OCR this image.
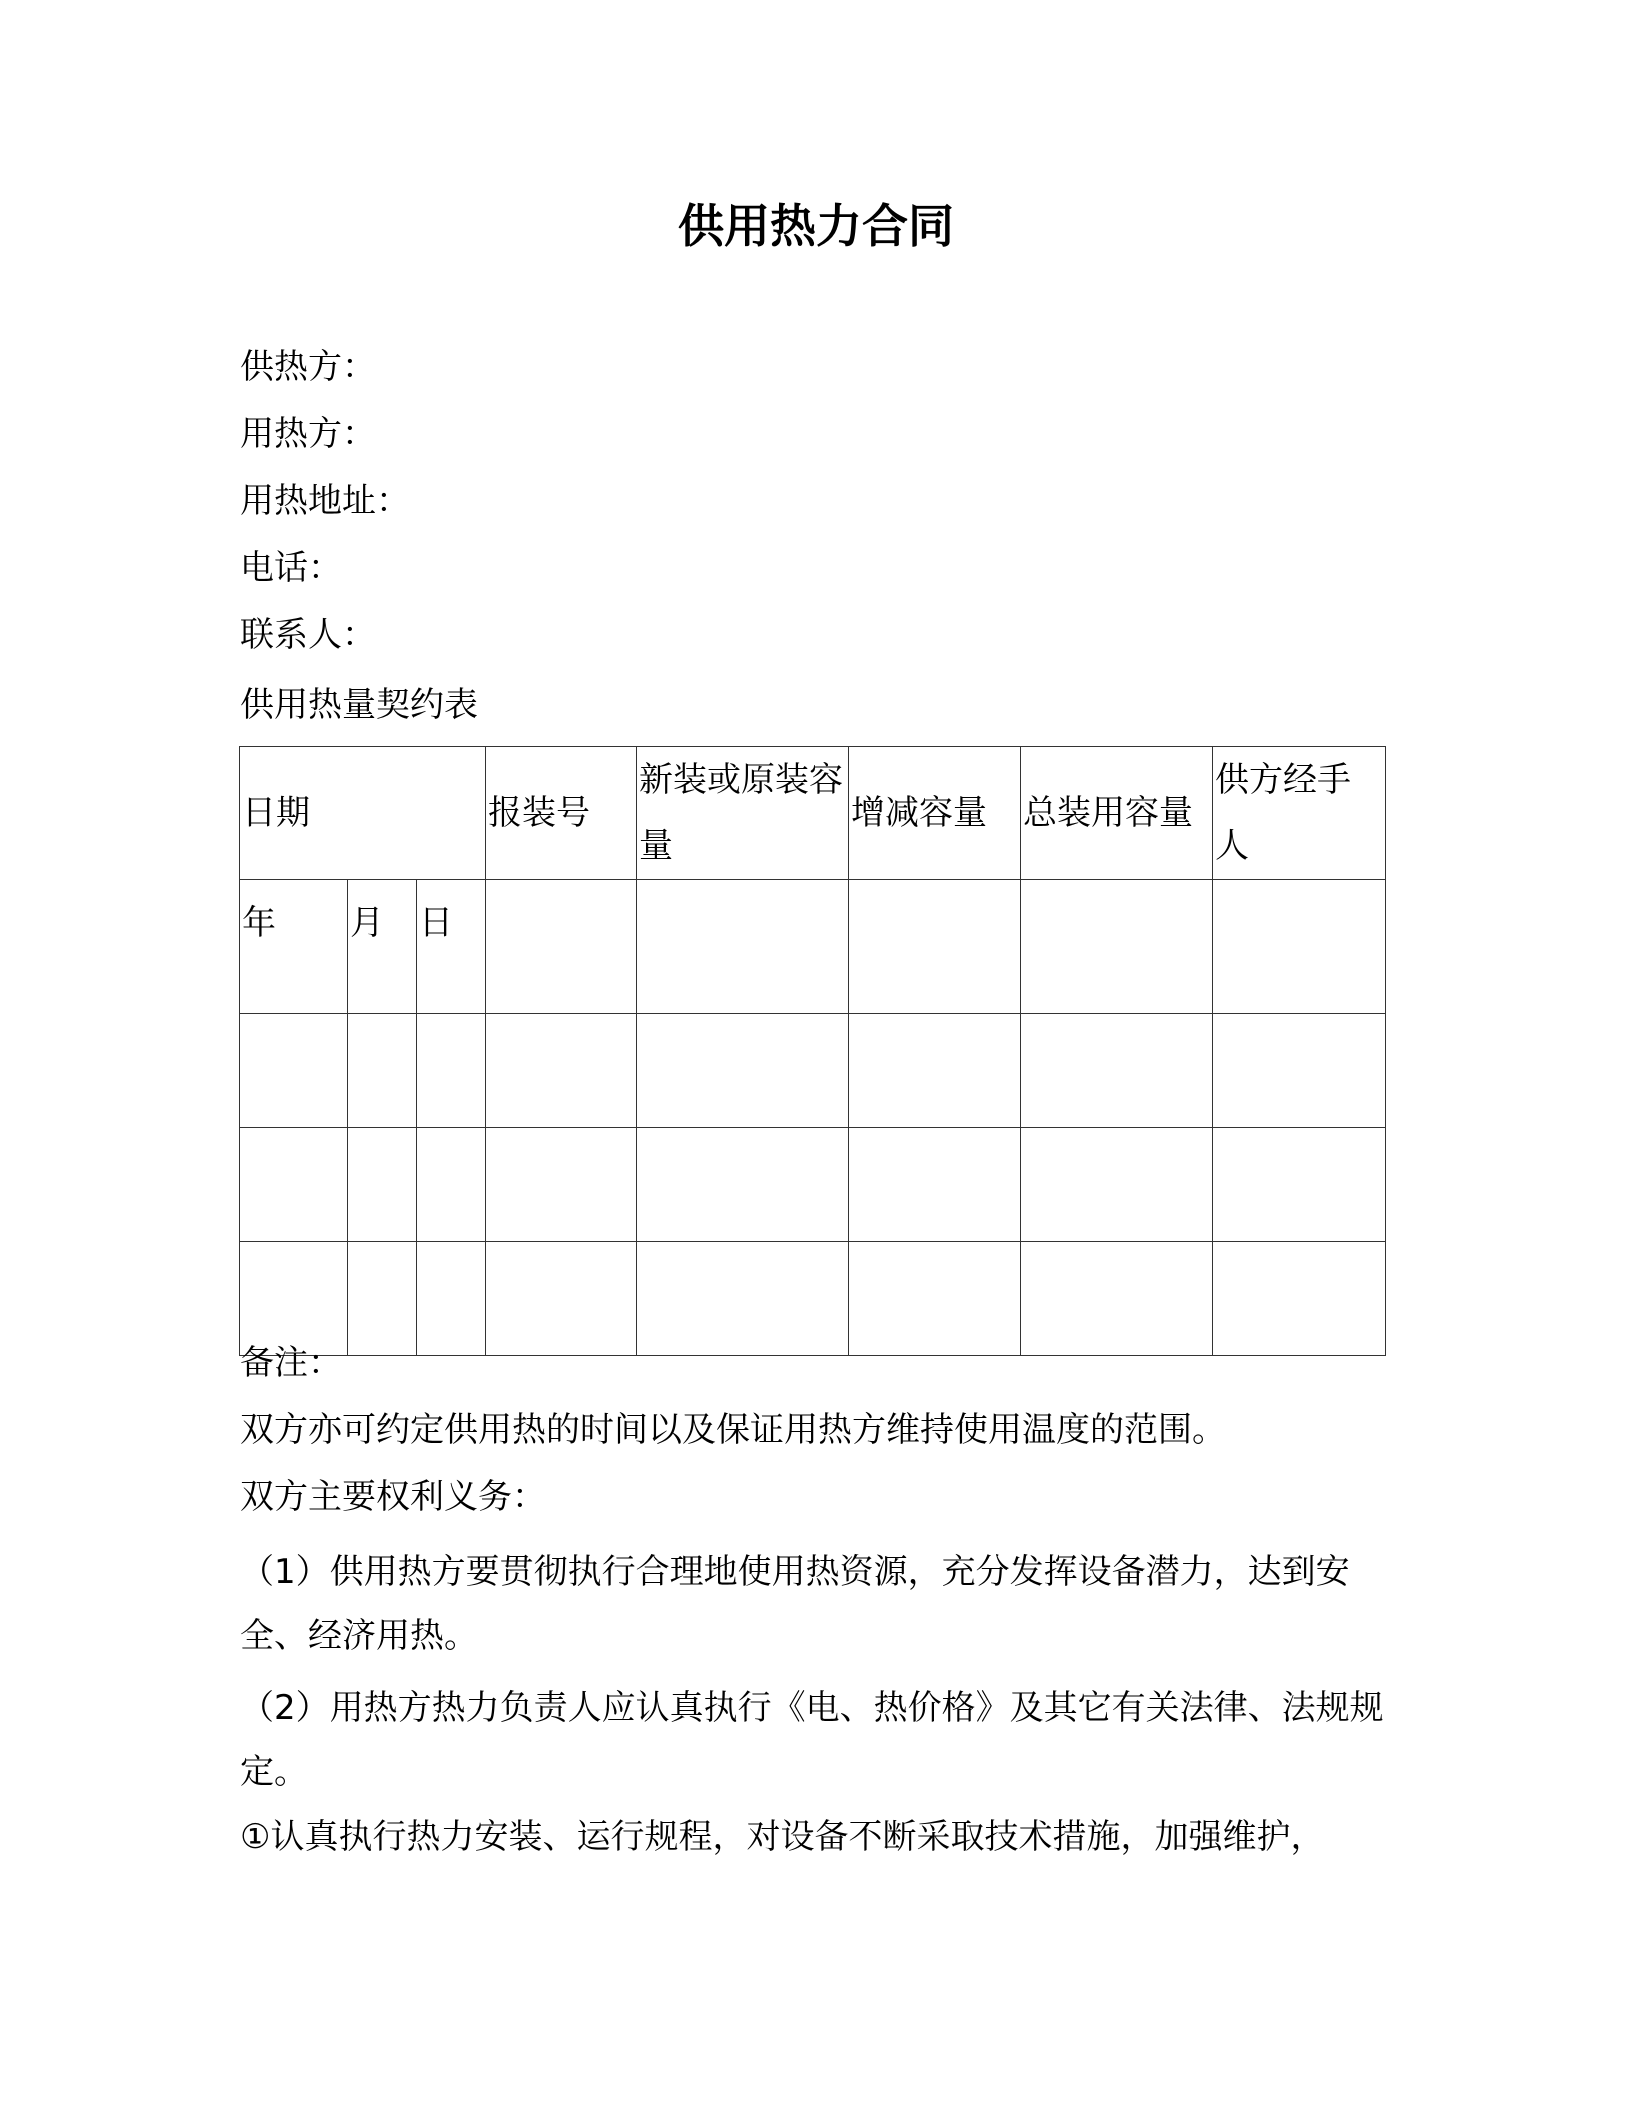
供用热力合同
供热方：
用热方：
用热地址：
电话：
联系人：
供用热量契约表
日期			报装号	新装或原装容量	增减容量	总装用容量	供方经手人
年	月	日					

备注：
双方亦可约定供用热的时间以及保证用热方维持使用温度的范围。
双方主要权利义务：
（1）供用热方要贯彻执行合理地使用热资源，充分发挥设备潜力，达到安全、经济用热。
（2）用热方热力负责人应认真执行《电、热价格》及其它有关法律、法规规定。
①认真执行热力安装、运行规程，对设备不断采取技术措施，加强维护，
